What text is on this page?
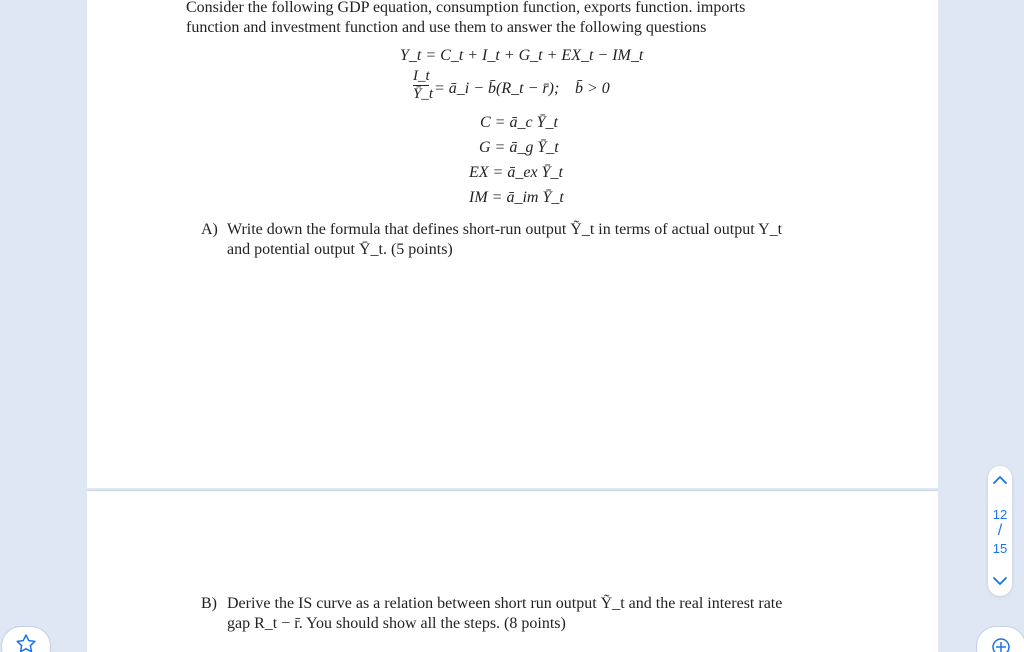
Consider the following GDP equation, consumption function, exports function. imports
function and investment function and use them to answer the following questions
Y_t = C_t + I_t + G_t + EX_t − IM_t
$\frac{I\_t}{Ȳ\_t}$ = ā_i − b̄(R_t − r̄); b̄ > 0
C = ā_c Ȳ_t
G = ā_g Ȳ_t
EX = ā_ex Ȳ_t
IM = ā_im Ȳ_t
A) Write down the formula that defines short-run output Ỹ_t in terms of actual output Y_t
and potential output Ȳ_t. (5 points)
B) Derive the IS curve as a relation between short run output Ỹ_t and the real interest rate
gap R_t − r̄. You should show all the steps. (8 points)
12
/
15
